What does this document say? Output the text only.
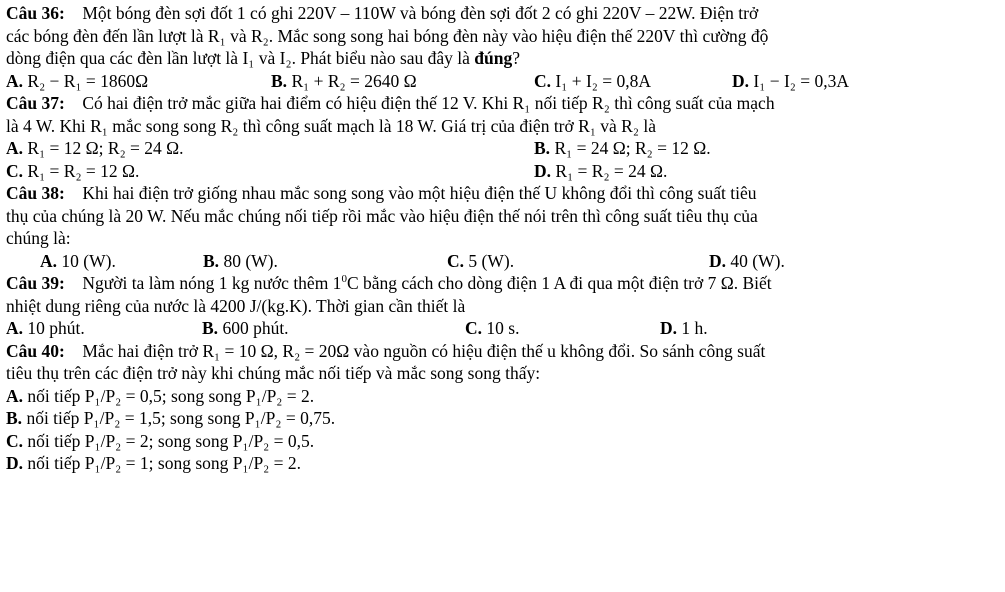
Câu 36: Một bóng đèn sợi đốt 1 có ghi 220V – 110W và bóng đèn sợi đốt 2 có ghi 220V – 22W. Điện trở
các bóng đèn đến lần lượt là R₁ và R₂. Mắc song song hai bóng đèn này vào hiệu điện thế 220V thì cường độ
dòng điện qua các đèn lần lượt là I₁ và I₂. Phát biểu nào sau đây là đúng?
A. R₂ − R₁ = 1860Ω	B. R₁ + R₂ = 2640 Ω	C. I₁ + I₂ = 0,8A	D. I₁ − I₂ = 0,3A
Câu 37: Có hai điện trở mắc giữa hai điểm có hiệu điện thế 12 V. Khi R₁ nối tiếp R₂ thì công suất của mạch
là 4 W. Khi R₁ mắc song song R₂ thì công suất mạch là 18 W. Giá trị của điện trở R₁ và R₂ là
A. R₁ = 12 Ω; R₂ = 24 Ω.	B. R₁ = 24 Ω; R₂ = 12 Ω.
C. R₁ = R₂ = 12 Ω.	D. R₁ = R₂ = 24 Ω.
Câu 38: Khi hai điện trở giống nhau mắc song song vào một hiệu điện thế U không đổi thì công suất tiêu
thụ của chúng là 20 W. Nếu mắc chúng nối tiếp rồi mắc vào hiệu điện thế nói trên thì công suất tiêu thụ của
chúng là:
A. 10 (W).	B. 80 (W).	C. 5 (W).	D. 40 (W).
Câu 39: Người ta làm nóng 1 kg nước thêm $1^0C$ bằng cách cho dòng điện 1 A đi qua một điện trở 7 Ω. Biết
nhiệt dung riêng của nước là 4200 J/(kg.K). Thời gian cần thiết là
A. 10 phút.	B. 600 phút.	C. 10 s.	D. 1 h.
Câu 40: Mắc hai điện trở R₁ = 10 Ω, R₂ = 20Ω vào nguồn có hiệu điện thế u không đổi. So sánh công suất
tiêu thụ trên các điện trở này khi chúng mắc nối tiếp và mắc song song thấy:
A. nối tiếp P₁/P₂ = 0,5; song song P₁/P₂ = 2.
B. nối tiếp P₁/P₂ = 1,5; song song P₁/P₂ = 0,75.
C. nối tiếp P₁/P₂ = 2; song song P₁/P₂ = 0,5.
D. nối tiếp P₁/P₂ = 1; song song P₁/P₂ = 2.
